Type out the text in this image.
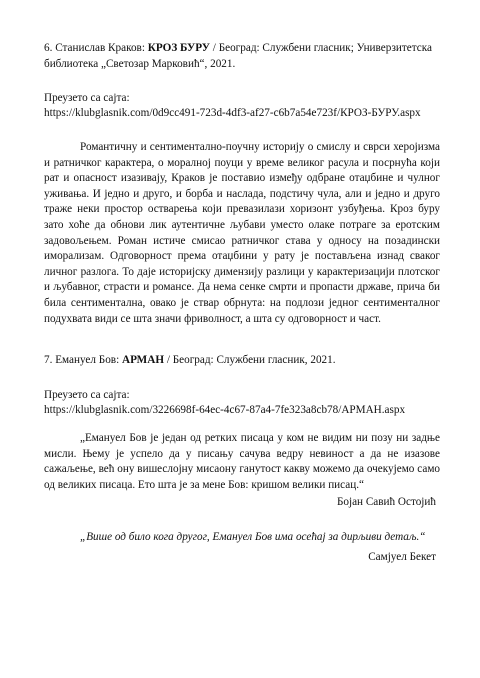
6. Станислав Краков: КРОЗ БУРУ / Београд: Службени гласник; Универзитетска библиотека „Светозар Марковић“, 2021.
Преузето са сајта:
https://klubglasnik.com/0d9cc491-723d-4df3-af27-c6b7a54e723f/КРОЗ-БУРУ.aspx
Романтичну и сентиментално-поучну историју о смислу и сврси херојизма и ратничког карактера, о моралној поуци у време великог расула и посрнућа који рат и опасност изазивају, Краков је поставио између одбране отаџбине и чулног уживања. И једно и друго, и борба и наслада, подстичу чула, али и једно и друго траже неки простор остварења који превазилази хоризонт узбуђења. Кроз буру зато хоће да обнови лик аутентичне љубави уместо олаке потраге за еротским задовољењем. Роман истиче смисао ратничког става у односу на позадински иморализам. Одговорност према отаџбини у рату је постављена изнад сваког личног разлога. То даје историјску димензију разлици у карактеризацији плотског и љубавног, страсти и романсе. Да нема сенке смрти и пропасти државе, прича би била сентиментална, овако је ствар обрнута: на подлози једног сентименталног подухвата види се шта значи фриволност, а шта су одговорност и част.
7. Емануел Бов: АРМАН / Београд: Службени гласник, 2021.
Преузето са сајта:
https://klubglasnik.com/3226698f-64ec-4c67-87a4-7fe323a8cb78/АРМАН.aspx
„Емануел Бов је један од ретких писаца у ком не видим ни позу ни задње мисли. Њему је успело да у писању сачува ведру невиност а да не изазове сажаљење, већ ону вишеслојну мисаону ганутост какву можемо да очекујемо само од великих писаца. Ето шта је за мене Бов: кришом велики писац.“
Бојан Савић Остојић
„Више од било кога другог, Емануел Бов има осећај за дирљиви детаљ.“
Самјуел Бекет
